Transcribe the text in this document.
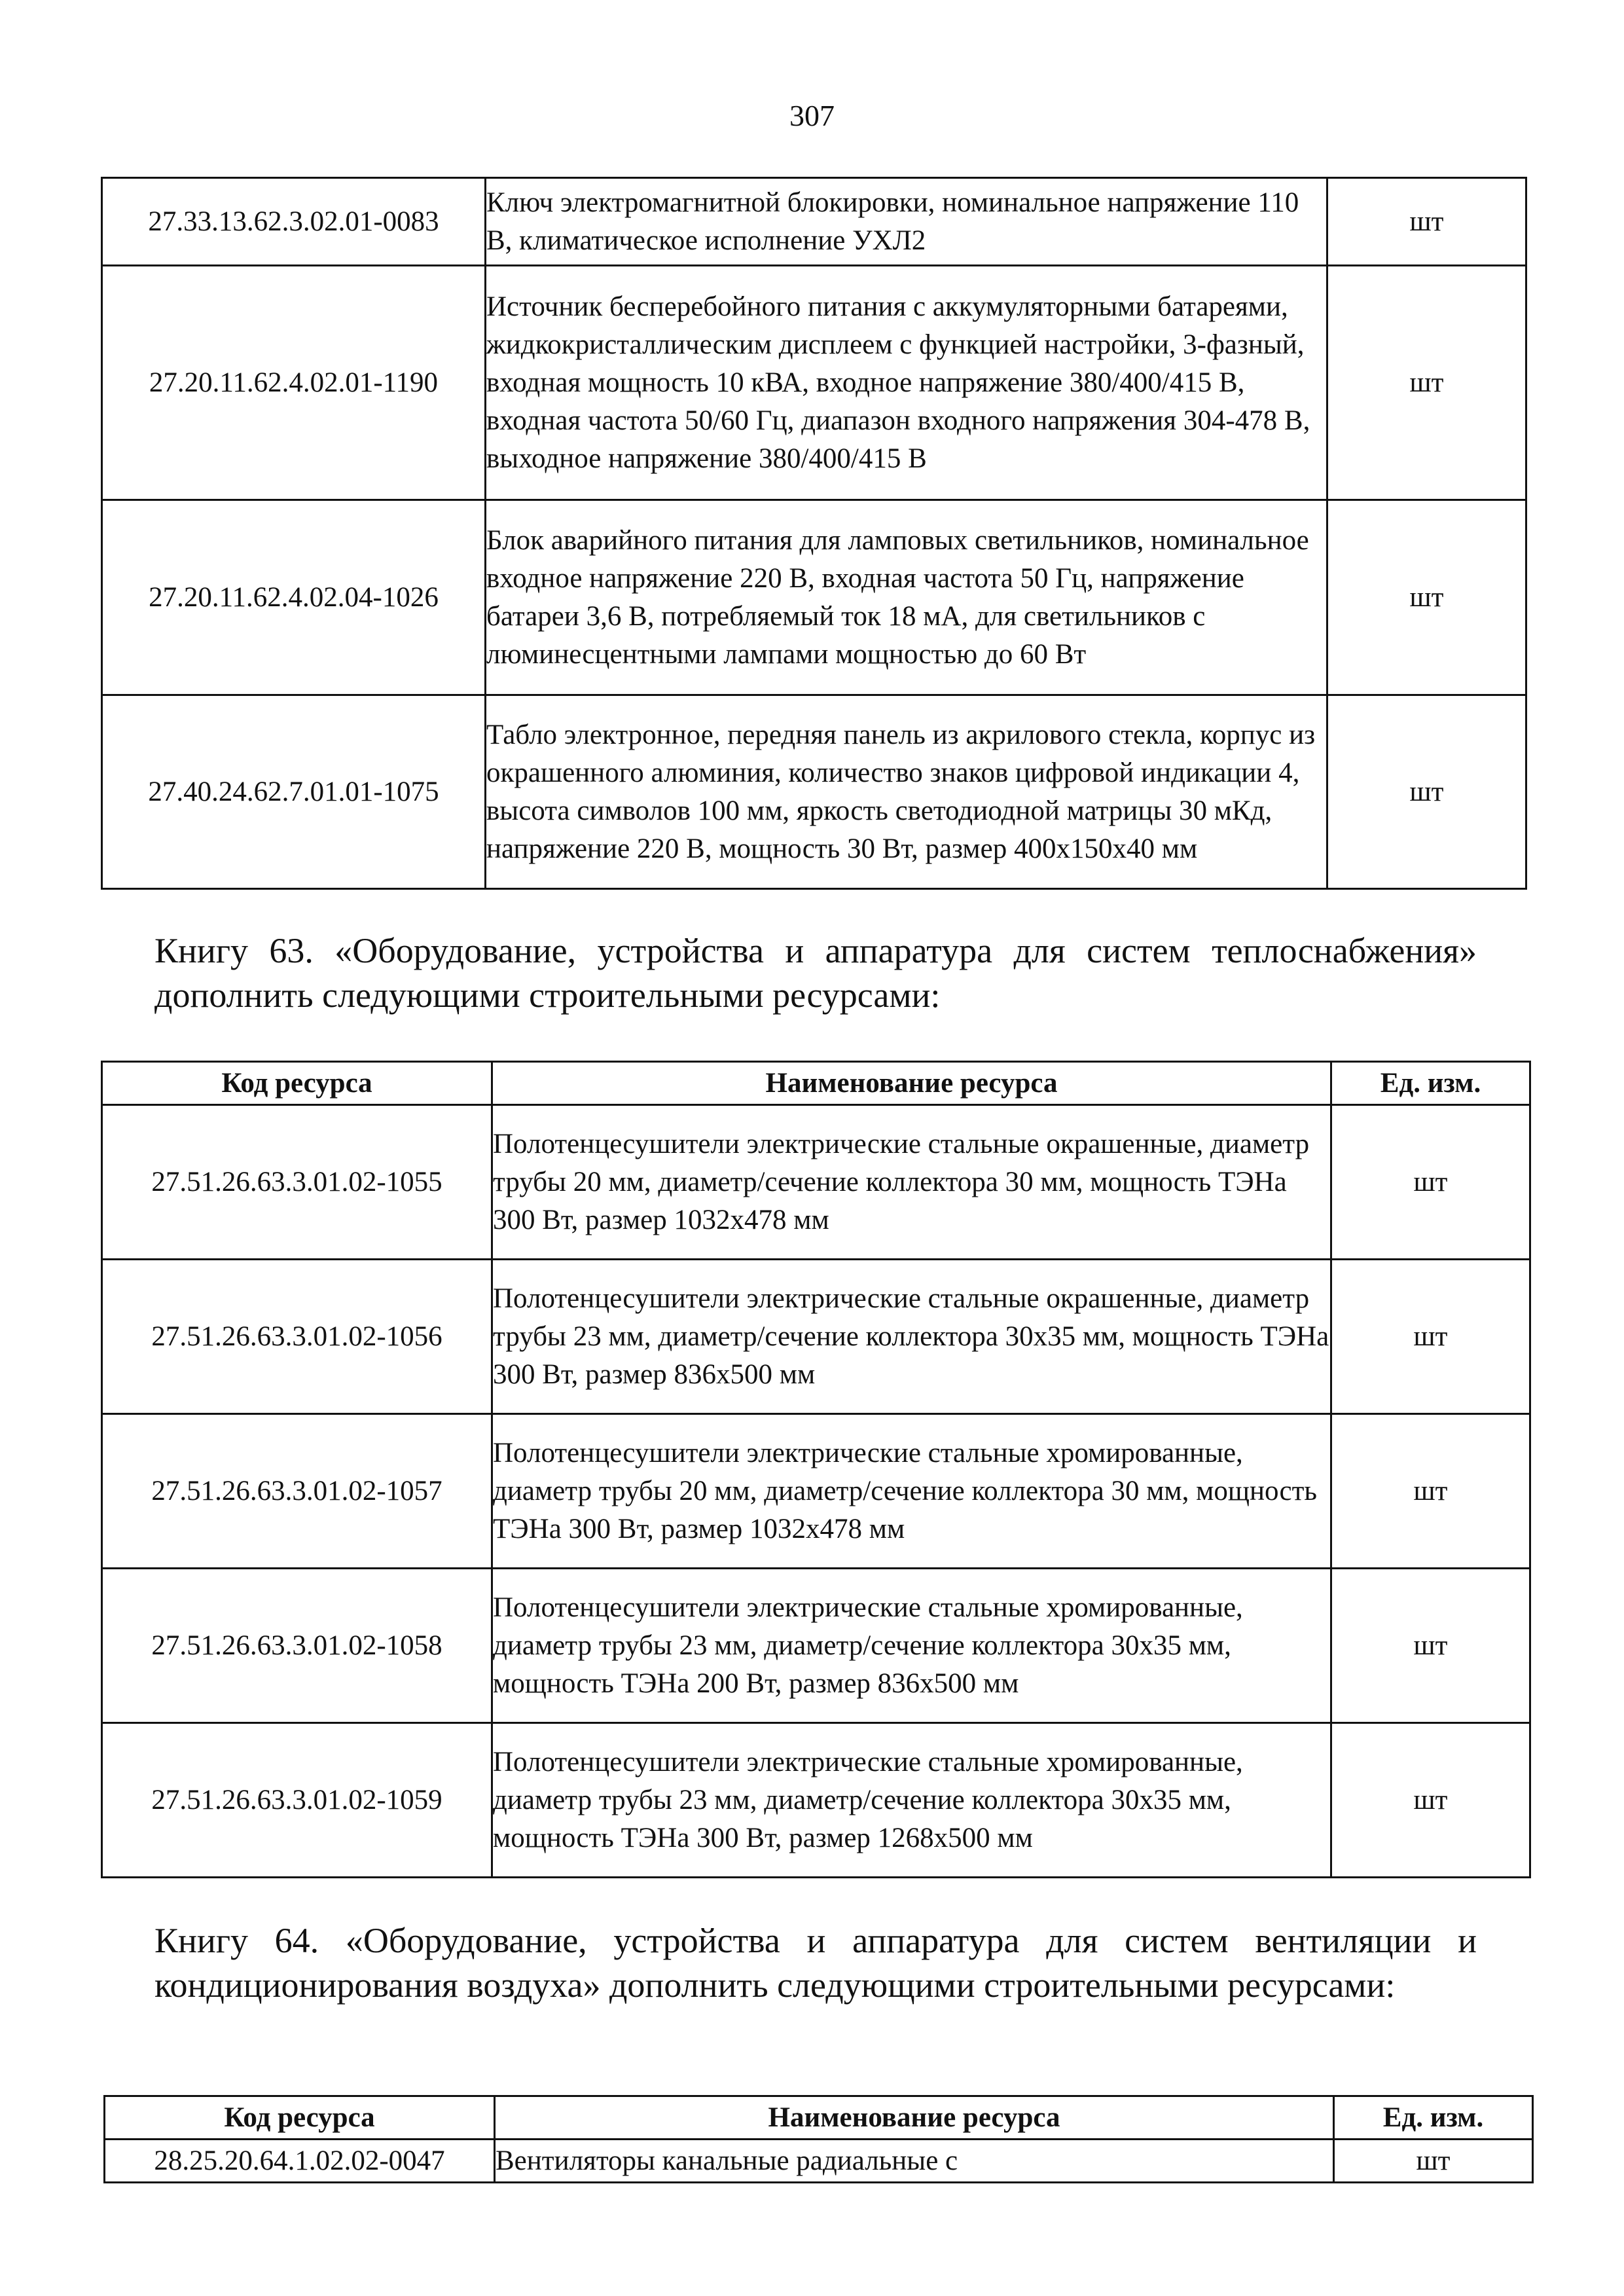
307
27.33.13.62.3.02.01-0083	Ключ электромагнитной блокировки, номинальное напряжение 110 В, климатическое исполнение УХЛ2	шт
27.20.11.62.4.02.01-1190	Источник бесперебойного питания с аккумуляторными батареями, жидкокристаллическим дисплеем с функцией настройки, 3-фазный, входная мощность 10 кВА, входное напряжение 380/400/415 В, входная частота 50/60 Гц, диапазон входного напряжения 304-478 В, выходное напряжение 380/400/415 В	шт
27.20.11.62.4.02.04-1026	Блок аварийного питания для ламповых светильников, номинальное входное напряжение 220 В, входная частота 50 Гц, напряжение батареи 3,6 В, потребляемый ток 18 мА, для светильников с люминесцентными лампами мощностью до 60 Вт	шт
27.40.24.62.7.01.01-1075	Табло электронное, передняя панель из акрилового стекла, корпус из окрашенного алюминия, количество знаков цифровой индикации 4, высота символов 100 мм, яркость светодиодной матрицы 30 мКд, напряжение 220 В, мощность 30 Вт, размер 400x150x40 мм	шт
Книгу 63. «Оборудование, устройства и аппаратура для систем теплоснабжения» дополнить следующими строительными ресурсами:
Код ресурса	Наименование ресурса	Ед. изм.
27.51.26.63.3.01.02-1055	Полотенцесушители электрические стальные окрашенные, диаметр трубы 20 мм, диаметр/сечение коллектора 30 мм, мощность ТЭНа 300 Вт, размер 1032х478 мм	шт
27.51.26.63.3.01.02-1056	Полотенцесушители электрические стальные окрашенные, диаметр трубы 23 мм, диаметр/сечение коллектора 30х35 мм, мощность ТЭНа 300 Вт, размер 836х500 мм	шт
27.51.26.63.3.01.02-1057	Полотенцесушители электрические стальные хромированные, диаметр трубы 20 мм, диаметр/сечение коллектора 30 мм, мощность ТЭНа 300 Вт, размер 1032х478 мм	шт
27.51.26.63.3.01.02-1058	Полотенцесушители электрические стальные хромированные, диаметр трубы 23 мм, диаметр/сечение коллектора 30х35 мм, мощность ТЭНа 200 Вт, размер 836х500 мм	шт
27.51.26.63.3.01.02-1059	Полотенцесушители электрические стальные хромированные, диаметр трубы 23 мм, диаметр/сечение коллектора 30х35 мм, мощность ТЭНа 300 Вт, размер 1268х500 мм	шт
Книгу 64. «Оборудование, устройства и аппаратура для систем вентиляции и кондиционирования воздуха» дополнить следующими строительными ресурсами:
Код ресурса	Наименование ресурса	Ед. изм.
28.25.20.64.1.02.02-0047	Вентиляторы канальные радиальные с	шт
